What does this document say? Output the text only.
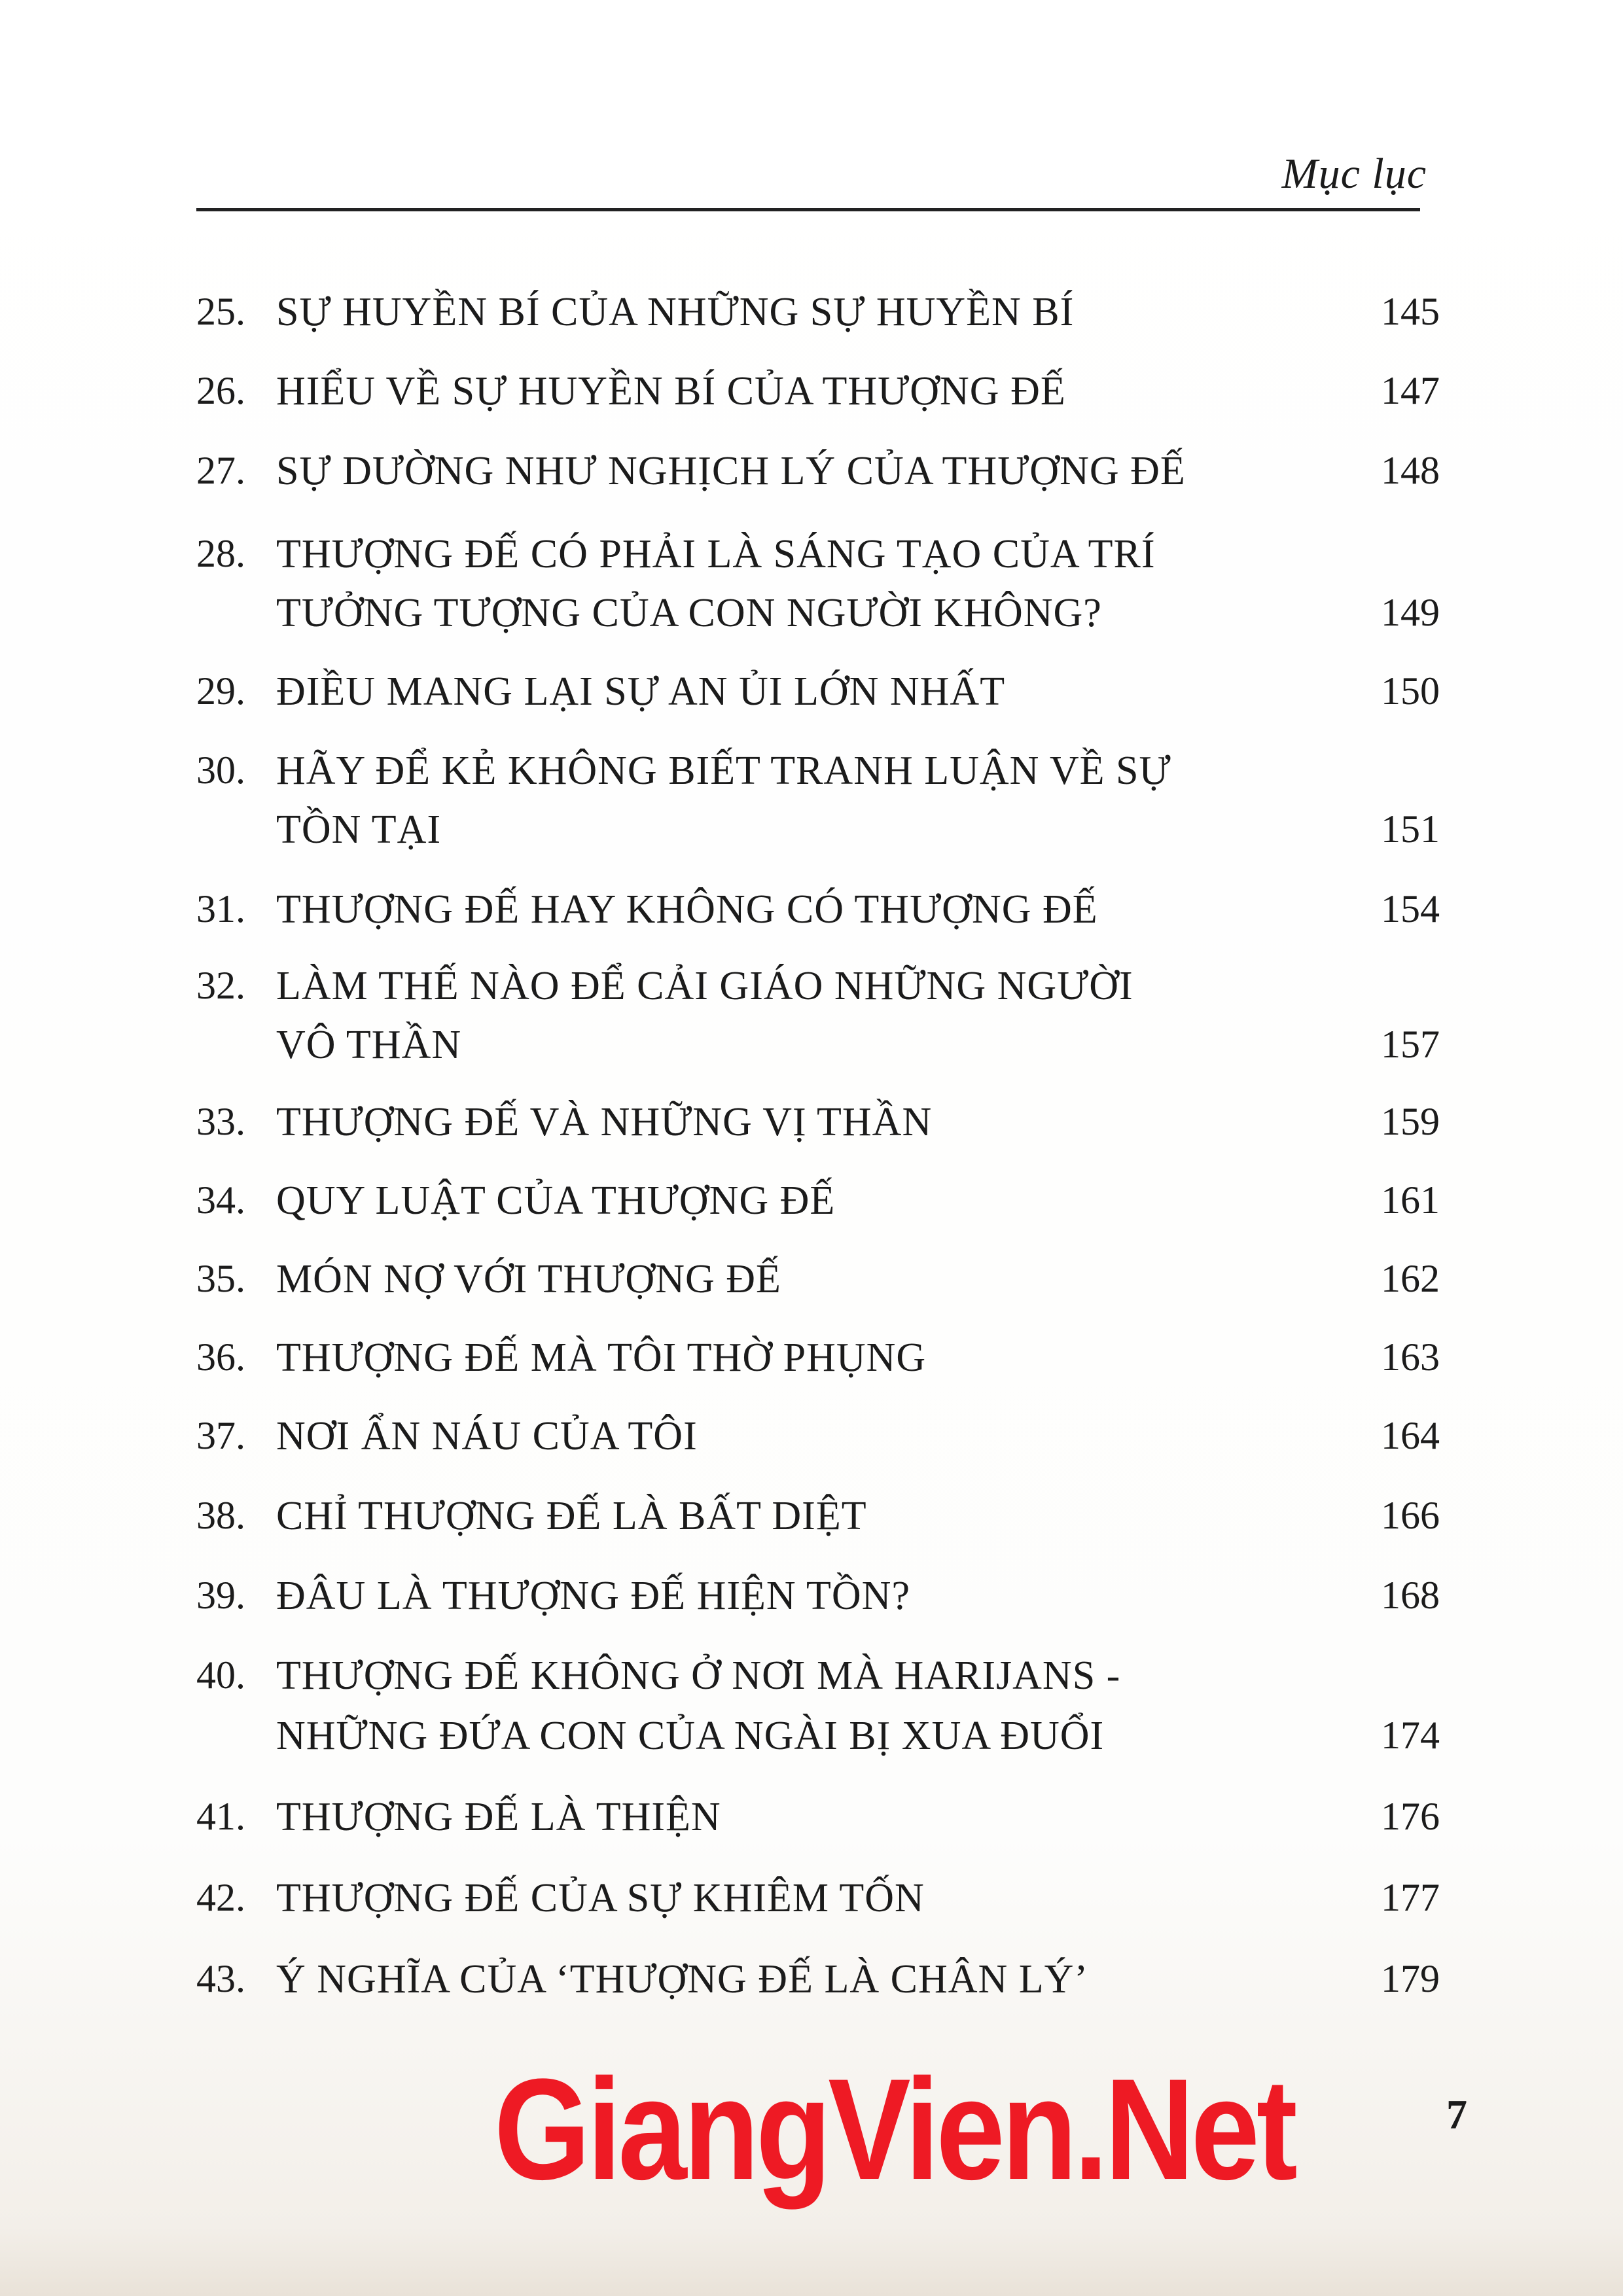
Mục lục
25. SỰ HUYỀN BÍ CỦA NHỮNG SỰ HUYỀN BÍ	145
26. HIỂU VỀ SỰ HUYỀN BÍ CỦA THƯỢNG ĐẾ	147
27. SỰ DƯỜNG NHƯ NGHỊCH LÝ CỦA THƯỢNG ĐẾ	148
28. THƯỢNG ĐẾ CÓ PHẢI LÀ SÁNG TẠO CỦA TRÍ
TƯỞNG TƯỢNG CỦA CON NGƯỜI KHÔNG?	149
29. ĐIỀU MANG LẠI SỰ AN ỦI LỚN NHẤT	150
30. HÃY ĐỂ KẺ KHÔNG BIẾT TRANH LUẬN VỀ SỰ
TỒN TẠI	151
31. THƯỢNG ĐẾ HAY KHÔNG CÓ THƯỢNG ĐẾ	154
32. LÀM THẾ NÀO ĐỂ CẢI GIÁO NHỮNG NGƯỜI
VÔ THẦN	157
33. THƯỢNG ĐẾ VÀ NHỮNG VỊ THẦN	159
34. QUY LUẬT CỦA THƯỢNG ĐẾ	161
35. MÓN NỢ VỚI THƯỢNG ĐẾ	162
36. THƯỢNG ĐẾ MÀ TÔI THỜ PHỤNG	163
37. NƠI ẨN NÁU CỦA TÔI	164
38. CHỈ THƯỢNG ĐẾ LÀ BẤT DIỆT	166
39. ĐÂU LÀ THƯỢNG ĐẾ HIỆN TỒN?	168
40. THƯỢNG ĐẾ KHÔNG Ở NƠI MÀ HARIJANS -
NHỮNG ĐỨA CON CỦA NGÀI BỊ XUA ĐUỔI	174
41. THƯỢNG ĐẾ LÀ THIỆN	176
42. THƯỢNG ĐẾ CỦA SỰ KHIÊM TỐN	177
43. Ý NGHĨA CỦA ‘THƯỢNG ĐẾ LÀ CHÂN LÝ’	179
GiangVien.Net	7
